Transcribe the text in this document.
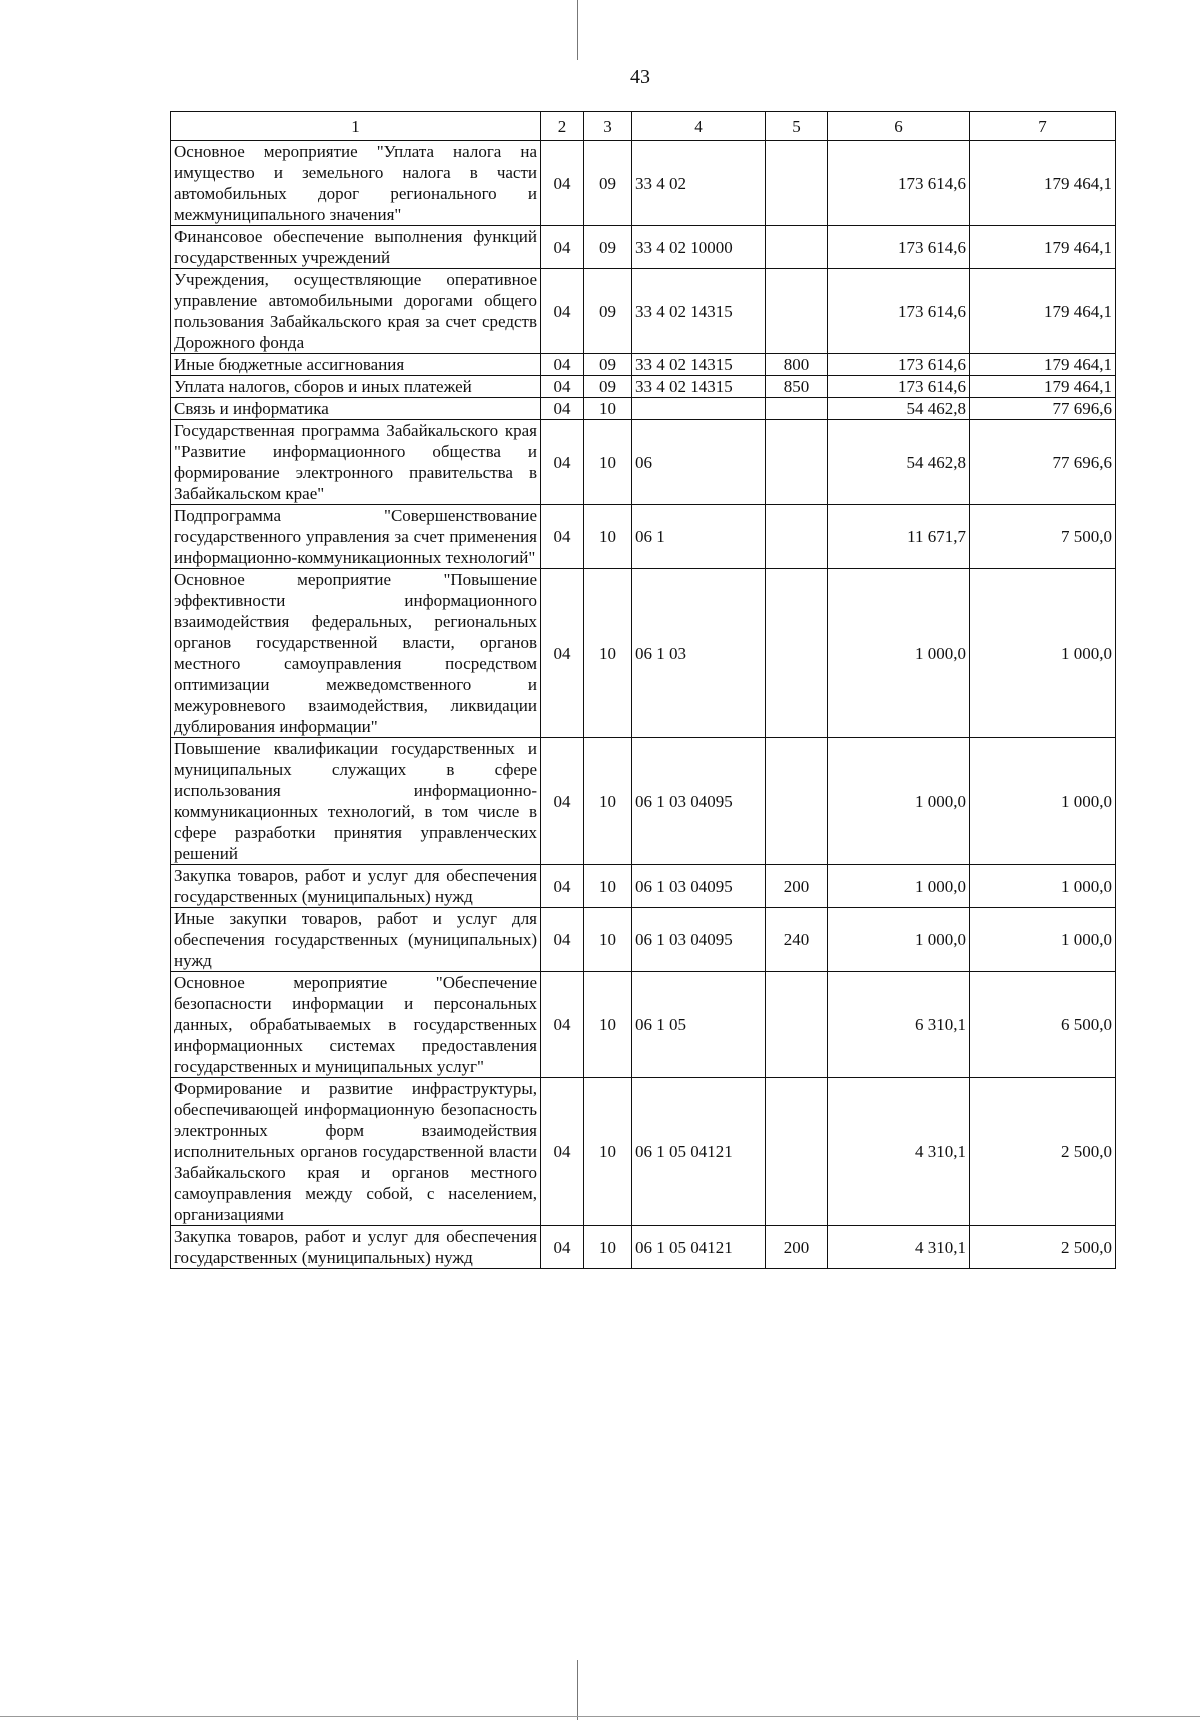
43
1	2	3	4	5	6	7
Основное мероприятие "Уплата налога на имущество и земельного налога в части автомобильных дорог регионального и межмуниципального значения"	04	09	33 4 02		173 614,6	179 464,1
Финансовое обеспечение выполнения функций государственных учреждений	04	09	33 4 02 10000		173 614,6	179 464,1
Учреждения, осуществляющие оперативное управление автомобильными дорогами общего пользования Забайкальского края за счет средств Дорожного фонда	04	09	33 4 02 14315		173 614,6	179 464,1
Иные бюджетные ассигнования	04	09	33 4 02 14315	800	173 614,6	179 464,1
Уплата налогов, сборов и иных платежей	04	09	33 4 02 14315	850	173 614,6	179 464,1
Связь и информатика	04	10			54 462,8	77 696,6
Государственная программа Забайкальского края "Развитие информационного общества и формирование электронного правительства в Забайкальском крае"	04	10	06		54 462,8	77 696,6
Подпрограмма "Совершенствование государственного управления за счет применения информационно-коммуникационных технологий"	04	10	06 1		11 671,7	7 500,0
Основное мероприятие "Повышение эффективности информационного взаимодействия федеральных, региональных органов государственной власти, органов местного самоуправления посредством оптимизации межведомственного и межуровневого взаимодействия, ликвидации дублирования информации"	04	10	06 1 03		1 000,0	1 000,0
Повышение квалификации государственных и муниципальных служащих в сфере использования информационно-коммуникационных технологий, в том числе в сфере разработки принятия управленческих решений	04	10	06 1 03 04095		1 000,0	1 000,0
Закупка товаров, работ и услуг для обеспечения государственных (муниципальных) нужд	04	10	06 1 03 04095	200	1 000,0	1 000,0
Иные закупки товаров, работ и услуг для обеспечения государственных (муниципальных) нужд	04	10	06 1 03 04095	240	1 000,0	1 000,0
Основное мероприятие "Обеспечение безопасности информации и персональных данных, обрабатываемых в государственных информационных системах предоставления государственных и муниципальных услуг"	04	10	06 1 05		6 310,1	6 500,0
Формирование и развитие инфраструктуры, обеспечивающей информационную безопасность электронных форм взаимодействия исполнительных органов государственной власти Забайкальского края и органов местного самоуправления между собой, с населением, организациями	04	10	06 1 05 04121		4 310,1	2 500,0
Закупка товаров, работ и услуг для обеспечения государственных (муниципальных) нужд	04	10	06 1 05 04121	200	4 310,1	2 500,0
